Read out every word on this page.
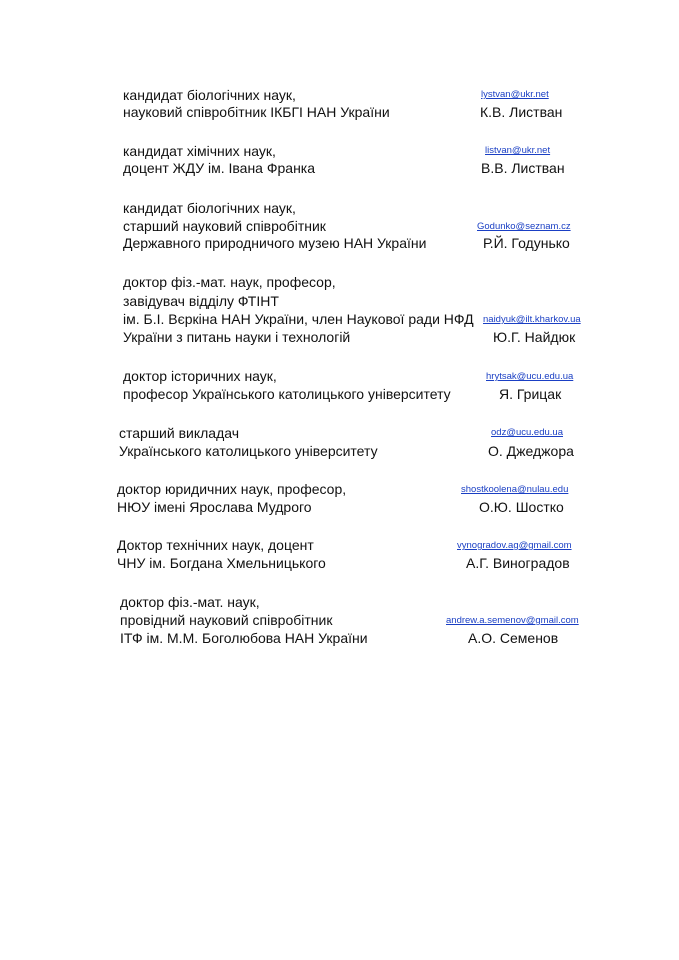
кандидат біологічних наук,
науковий співробітник ІКБГІ НАН України
lystvan@ukr.net
К.В. Листван
кандидат хімічних наук,
доцент ЖДУ ім. Івана Франка
listvan@ukr.net
В.В. Листван
кандидат біологічних наук,
старший науковий співробітник
Державного природничого музею НАН України
Godunko@seznam.cz
Р.Й. Годунько
доктор фіз.-мат. наук, професор,
завідувач відділу ФТІНТ
ім. Б.І. Вєркіна НАН України, член Наукової ради НФД
України з питань науки і технологій
naidyuk@ilt.kharkov.ua
Ю.Г. Найдюк
доктор історичних наук,
професор Українського католицького університету
hrytsak@ucu.edu.ua
Я. Грицак
старший викладач
Українського католицького університету
odz@ucu.edu.ua
О. Джеджора
доктор юридичних наук, професор,
НЮУ імені Ярослава Мудрого
shostkoolena@nulau.edu
О.Ю. Шостко
Доктор технічних наук, доцент
ЧНУ ім. Богдана Хмельницького
vynogradov.ag@gmail.com
А.Г. Виноградов
доктор фіз.-мат. наук,
провідний науковий співробітник
ІТФ ім. М.М. Боголюбова НАН України
andrew.a.semenov@gmail.com
А.О. Семенов
